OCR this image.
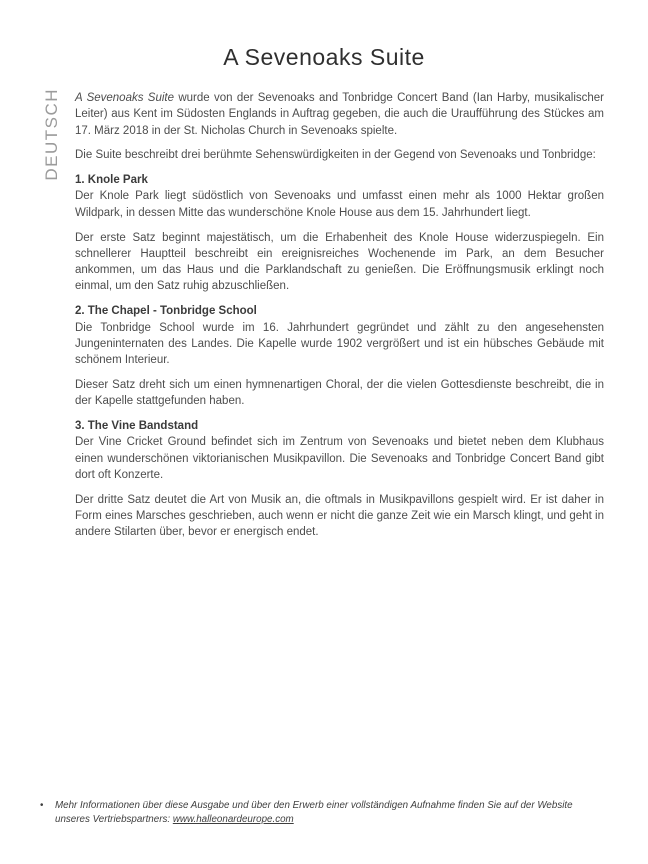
A Sevenoaks Suite
DEUTSCH A Sevenoaks Suite wurde von der Sevenoaks and Tonbridge Concert Band (Ian Harby, musikalischer Leiter) aus Kent im Südosten Englands in Auftrag gegeben, die auch die Uraufführung des Stückes am 17. März 2018 in der St. Nicholas Church in Sevenoaks spielte.

Die Suite beschreibt drei berühmte Sehenswürdigkeiten in der Gegend von Sevenoaks und Tonbridge:

1. Knole Park

Der Knole Park liegt südöstlich von Sevenoaks und umfasst einen mehr als 1000 Hektar großen Wildpark, in dessen Mitte das wunderschöne Knole House aus dem 15. Jahrhundert liegt.

Der erste Satz beginnt majestätisch, um die Erhabenheit des Knole House widerzuspiegeln. Ein schnellerer Hauptteil beschreibt ein ereignisreiches Wochenende im Park, an dem Besucher ankommen, um das Haus und die Parklandschaft zu genießen. Die Eröffnungsmusik erklingt noch einmal, um den Satz ruhig abzuschließen.

2. The Chapel - Tonbridge School

Die Tonbridge School wurde im 16. Jahrhundert gegründet und zählt zu den angesehensten Jungeninternaten des Landes. Die Kapelle wurde 1902 vergrößert und ist ein hübsches Gebäude mit schönem Interieur.

Dieser Satz dreht sich um einen hymnenartigen Choral, der die vielen Gottesdienste beschreibt, die in der Kapelle stattgefunden haben.

3. The Vine Bandstand

Der Vine Cricket Ground befindet sich im Zentrum von Sevenoaks und bietet neben dem Klubhaus einen wunderschönen viktorianischen Musikpavillon. Die Sevenoaks and Tonbridge Concert Band gibt dort oft Konzerte.

Der dritte Satz deutet die Art von Musik an, die oftmals in Musikpavillons gespielt wird. Er ist daher in Form eines Marsches geschrieben, auch wenn er nicht die ganze Zeit wie ein Marsch klingt, und geht in andere Stilarten über, bevor er energisch endet.

•	Mehr Informationen über diese Ausgabe und über den Erwerb einer vollständigen Aufnahme finden Sie auf der Website unseres Vertriebspartners: www.halleonardeurope.com
